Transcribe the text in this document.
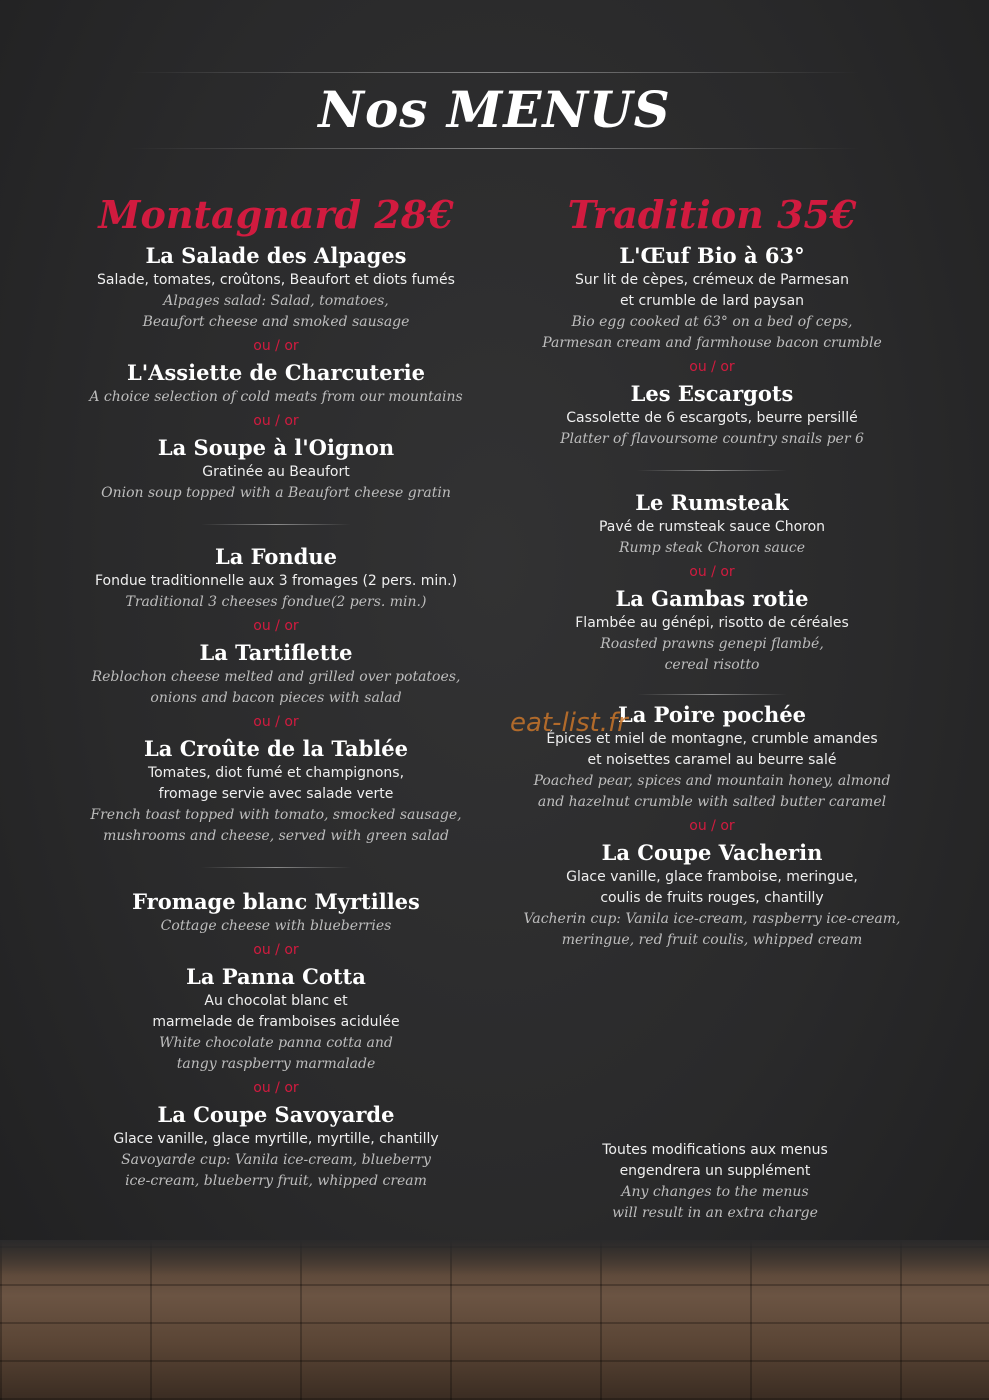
Nos MENUS
Montagnard 28€
La Salade des Alpages
Salade, tomates, croûtons, Beaufort et diots fumés
Alpages salad: Salad, tomatoes,
Beaufort cheese and smoked sausage
ou / or
L'Assiette de Charcuterie
A choice selection of cold meats from our mountains
ou / or
La Soupe à l'Oignon
Gratinée au Beaufort
Onion soup topped with a Beaufort cheese gratin
La Fondue
Fondue traditionnelle aux 3 fromages (2 pers. min.)
Traditional 3 cheeses fondue(2 pers. min.)
ou / or
La Tartiflette
Reblochon cheese melted and grilled over potatoes,
onions and bacon pieces with salad
ou / or
La Croûte de la Tablée
Tomates, diot fumé et champignons,
fromage servie avec salade verte
French toast topped with tomato, smocked sausage,
mushrooms and cheese, served with green salad
Fromage blanc Myrtilles
Cottage cheese with blueberries
ou / or
La Panna Cotta
Au chocolat blanc et
marmelade de framboises acidulée
White chocolate panna cotta and
tangy raspberry marmalade
ou / or
La Coupe Savoyarde
Glace vanille, glace myrtille, myrtille, chantilly
Savoyarde cup: Vanila ice-cream, blueberry
ice-cream, blueberry fruit, whipped cream
Tradition 35€
L'Œuf Bio à 63°
Sur lit de cèpes, crémeux de Parmesan
et crumble de lard paysan
Bio egg cooked at 63° on a bed of ceps,
Parmesan cream and farmhouse bacon crumble
ou / or
Les Escargots
Cassolette de 6 escargots, beurre persillé
Platter of flavoursome country snails per 6
Le Rumsteak
Pavé de rumsteak sauce Choron
Rump steak Choron sauce
ou / or
La Gambas rotie
Flambée au génépi, risotto de céréales
Roasted prawns genepi flambé,
cereal risotto
La Poire pochée
Épices et miel de montagne, crumble amandes
et noisettes caramel au beurre salé
Poached pear, spices and mountain honey, almond
and hazelnut crumble with salted butter caramel
ou / or
La Coupe Vacherin
Glace vanille, glace framboise, meringue,
coulis de fruits rouges, chantilly
Vacherin cup: Vanila ice-cream, raspberry ice-cream,
meringue, red fruit coulis, whipped cream
Toutes modifications aux menus
engendrera un supplément
Any changes to the menus
will result in an extra charge
eat-list.fr
